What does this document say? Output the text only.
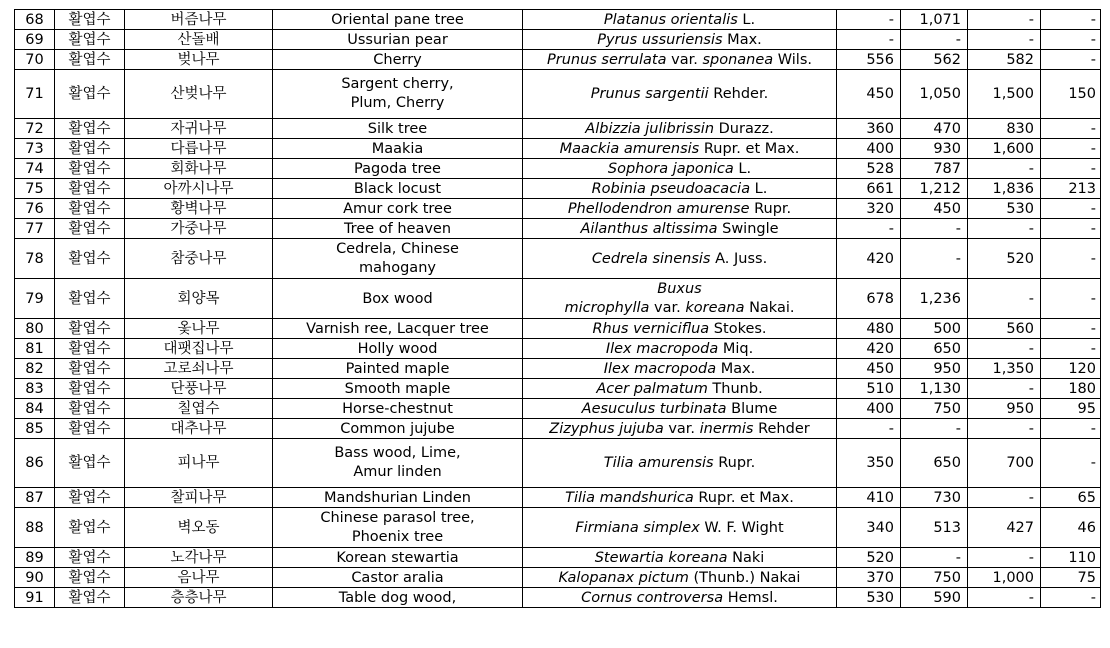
68	활엽수	버즘나무	Oriental pane tree	Platanus orientalis L.	-	1,071	-	-
69	활엽수	산돌배	Ussurian pear	Pyrus ussuriensis Max.	-	-	-	-
70	활엽수	벚나무	Cherry	Prunus serrulata var. sponanea Wils.	556	562	582	-
71	활엽수	산벚나무	Sargent cherry,
Plum, Cherry	Prunus sargentii Rehder.	450	1,050	1,500	150
72	활엽수	자귀나무	Silk tree	Albizzia julibrissin Durazz.	360	470	830	-
73	활엽수	다릅나무	Maakia	Maackia amurensis Rupr. et Max.	400	930	1,600	-
74	활엽수	회화나무	Pagoda tree	Sophora japonica L.	528	787	-	-
75	활엽수	아까시나무	Black locust	Robinia pseudoacacia L.	661	1,212	1,836	213
76	활엽수	황벽나무	Amur cork tree	Phellodendron amurense Rupr.	320	450	530	-
77	활엽수	가중나무	Tree of heaven	Ailanthus altissima Swingle	-	-	-	-
78	활엽수	참중나무	Cedrela, Chinese
mahogany	Cedrela sinensis A. Juss.	420	-	520	-
79	활엽수	회양목	Box wood	Buxus
microphylla var. koreana Nakai.	678	1,236	-	-
80	활엽수	옻나무	Varnish ree, Lacquer tree	Rhus verniciflua Stokes.	480	500	560	-
81	활엽수	대팻집나무	Holly wood	Ilex macropoda Miq.	420	650	-	-
82	활엽수	고로쇠나무	Painted maple	Ilex macropoda Max.	450	950	1,350	120
83	활엽수	단풍나무	Smooth maple	Acer palmatum Thunb.	510	1,130	-	180
84	활엽수	칠엽수	Horse-chestnut	Aesuculus turbinata Blume	400	750	950	95
85	활엽수	대추나무	Common jujube	Zizyphus jujuba var. inermis Rehder	-	-	-	-
86	활엽수	피나무	Bass wood, Lime,
Amur linden	Tilia amurensis Rupr.	350	650	700	-
87	활엽수	찰피나무	Mandshurian Linden	Tilia mandshurica Rupr. et Max.	410	730	-	65
88	활엽수	벽오동	Chinese parasol tree,
Phoenix tree	Firmiana simplex W. F. Wight	340	513	427	46
89	활엽수	노각나무	Korean stewartia	Stewartia koreana Naki	520	-	-	110
90	활엽수	음나무	Castor aralia	Kalopanax pictum (Thunb.) Nakai	370	750	1,000	75
91	활엽수	층층나무	Table dog wood,	Cornus controversa Hemsl.	530	590	-	-
